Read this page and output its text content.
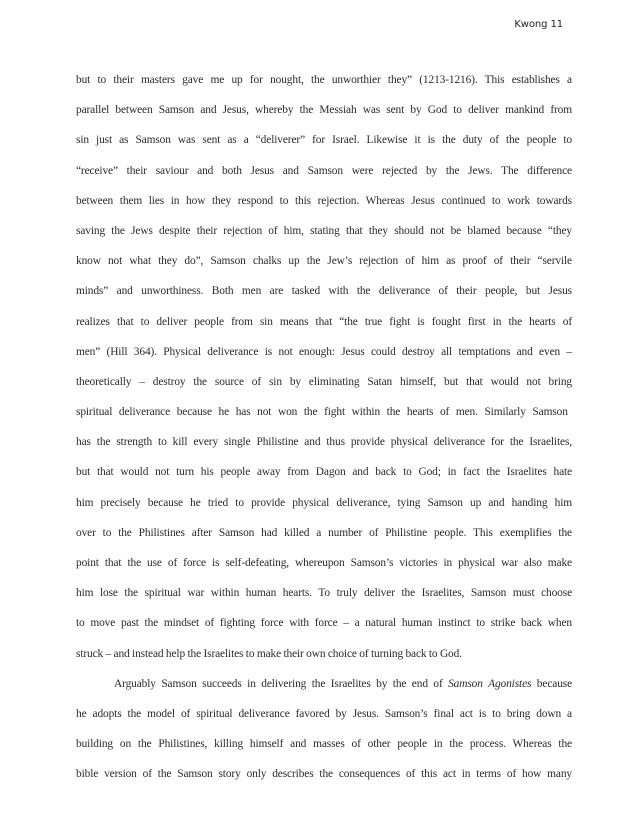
Kwong 11
but to their masters gave me up for nought, the unworthier they” (1213-1216). This establishes a
parallel between Samson and Jesus, whereby the Messiah was sent by God to deliver mankind from
sin just as Samson was sent as a “deliverer” for Israel. Likewise it is the duty of the people to
“receive” their saviour and both Jesus and Samson were rejected by the Jews. The difference
between them lies in how they respond to this rejection. Whereas Jesus continued to work towards
saving the Jews despite their rejection of him, stating that they should not be blamed because “they
know not what they do”, Samson chalks up the Jew’s rejection of him as proof of their “servile
minds” and unworthiness. Both men are tasked with the deliverance of their people, but Jesus
realizes that to deliver people from sin means that “the true fight is fought first in the hearts of
men” (Hill 364). Physical deliverance is not enough: Jesus could destroy all temptations and even –
theoretically – destroy the source of sin by eliminating Satan himself, but that would not bring
spiritual deliverance because he has not won the fight within the hearts of men. Similarly Samson
has the strength to kill every single Philistine and thus provide physical deliverance for the Israelites,
but that would not turn his people away from Dagon and back to God; in fact the Israelites hate
him precisely because he tried to provide physical deliverance, tying Samson up and handing him
over to the Philistines after Samson had killed a number of Philistine people. This exemplifies the
point that the use of force is self-defeating, whereupon Samson’s victories in physical war also make
him lose the spiritual war within human hearts. To truly deliver the Israelites, Samson must choose
to move past the mindset of fighting force with force – a natural human instinct to strike back when
struck – and instead help the Israelites to make their own choice of turning back to God.
Arguably Samson succeeds in delivering the Israelites by the end of Samson Agonistes because
he adopts the model of spiritual deliverance favored by Jesus. Samson’s final act is to bring down a
building on the Philistines, killing himself and masses of other people in the process. Whereas the
bible version of the Samson story only describes the consequences of this act in terms of how many
